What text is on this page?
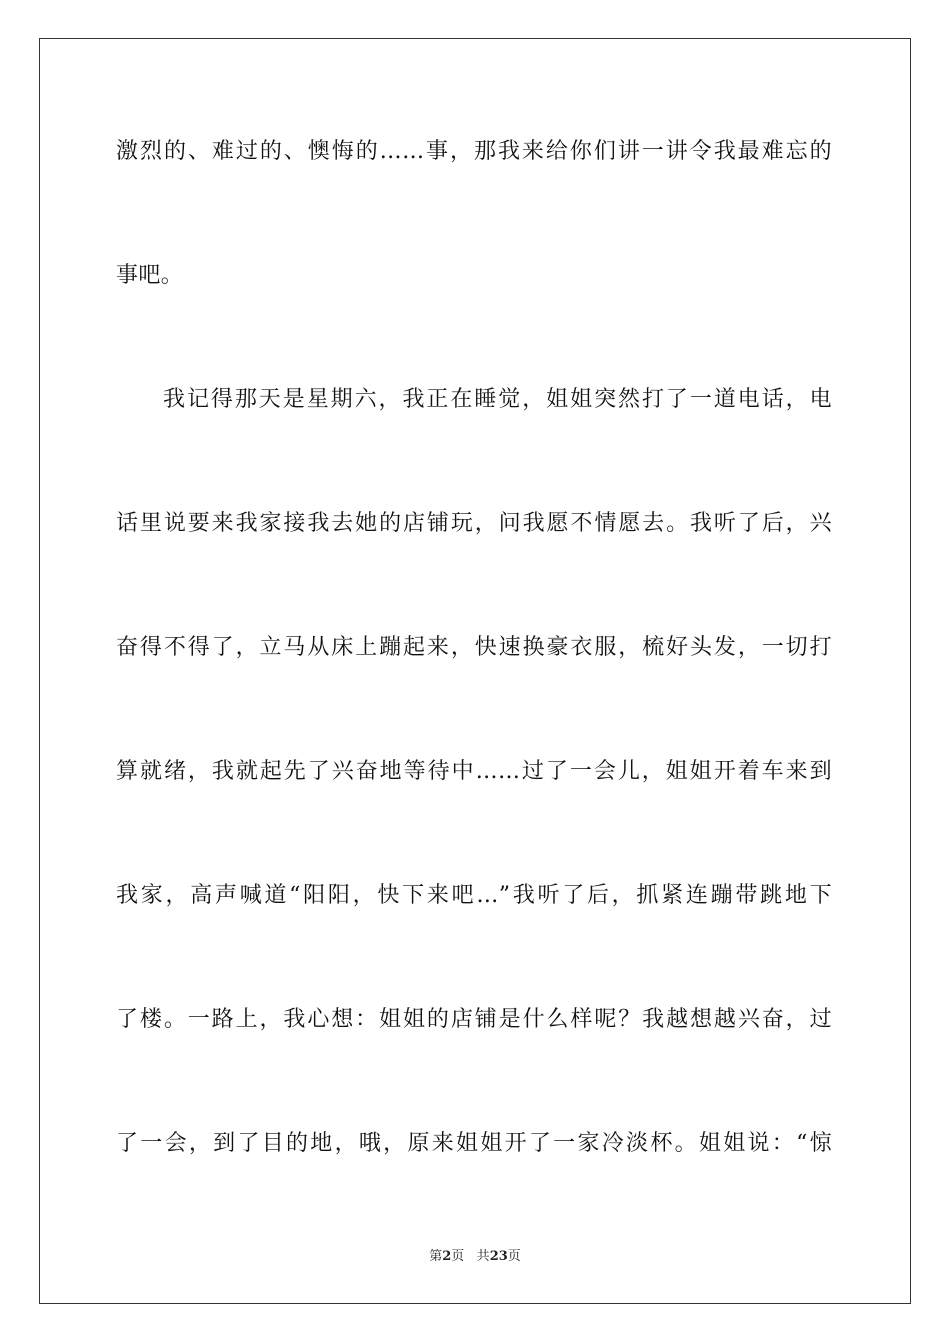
激烈的、难过的、懊悔的……事，那我来给你们讲一讲令我最难忘的
事吧。
我记得那天是星期六，我正在睡觉，姐姐突然打了一道电话，电
话里说要来我家接我去她的店铺玩，问我愿不情愿去。我听了后，兴
奋得不得了，立马从床上蹦起来，快速换豪衣服，梳好头发，一切打
算就绪，我就起先了兴奋地等待中……过了一会儿，姐姐开着车来到
我家，高声喊道“阳阳，快下来吧…”我听了后，抓紧连蹦带跳地下
了楼。一路上，我心想：姐姐的店铺是什么样呢？我越想越兴奋，过
了一会，到了目的地，哦，原来姐姐开了一家冷淡杯。姐姐说：“惊
第2页 共23页
